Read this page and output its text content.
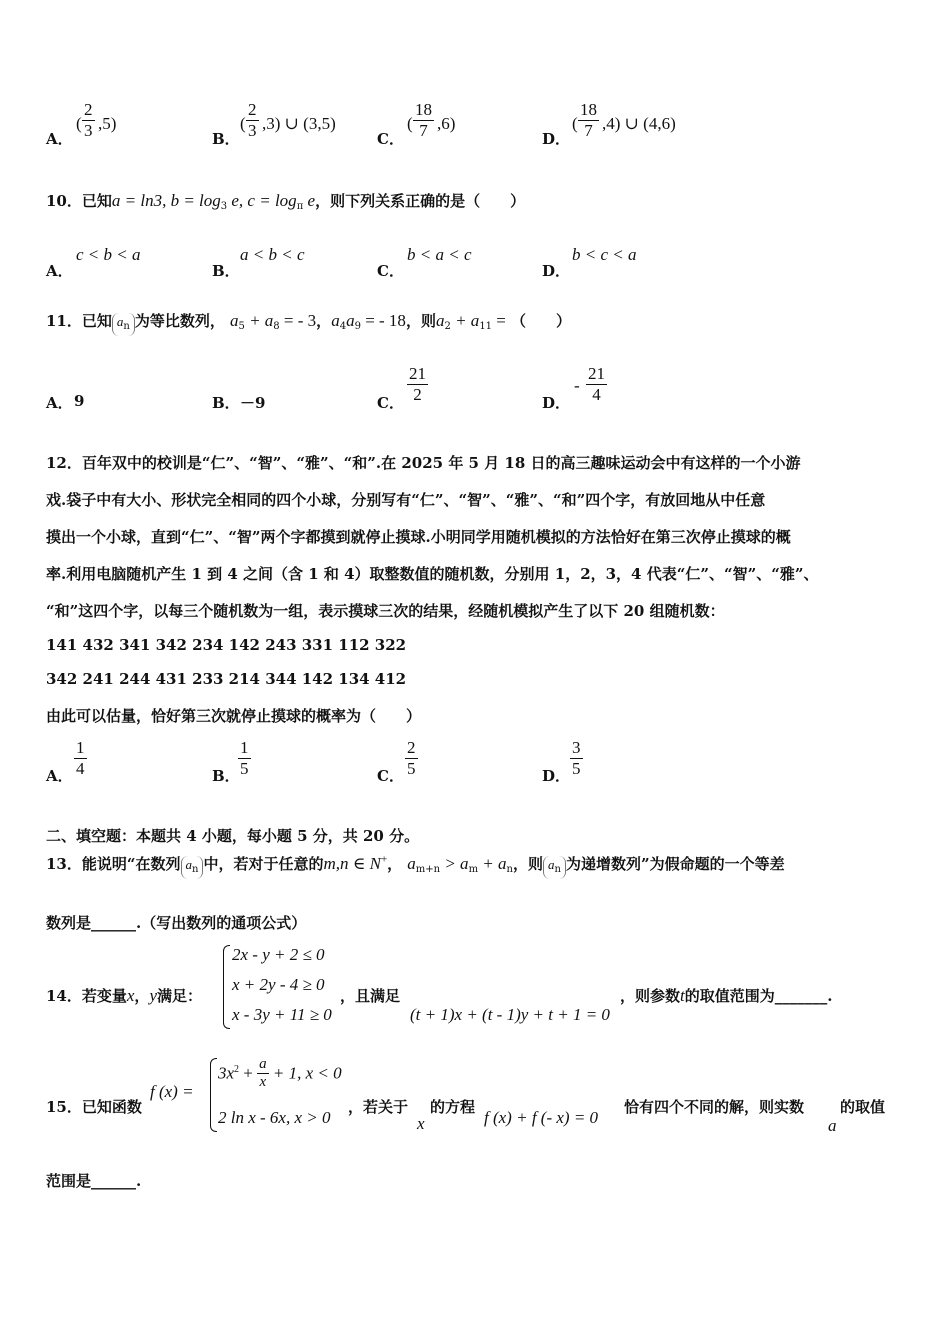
A．
( $\frac{2}{3} ,5$)
B．
( $\frac{2}{3} ,3$) ∪ (3,5)
C．
( $\frac{18}{7} ,6$)
D．
( $\frac{18}{7} ,4$) ∪ (4,6)
10．已知a = ln3, $b = \log_3 e$, $c = \log_\pi e$，则下列关系正确的是（　　）
A．
c < b < a
B．
a < b < c
C．
b < a < c
D．
b < c < a
11．已知 $a_n$ 为等比数列， $a_5 + a_8$ = - 3，$a_4a_9$ = - 18，则$a_2 + a_{11}$ = （　　）
A． 9	B． －9	C． $\frac{21}{2}$	D．
- $\frac{21}{4}$
12．百年双中的校训是“仁”、“智”、“雅”、“和”.在 2025 年 5 月 18 日的高三趣味运动会中有这样的一个小游
戏.袋子中有大小、形状完全相同的四个小球，分别写有“仁”、“智”、“雅”、“和”四个字，有放回地从中任意
摸出一个小球，直到“仁”、“智”两个字都摸到就停止摸球.小明同学用随机模拟的方法恰好在第三次停止摸球的概
率.利用电脑随机产生 1 到 4 之间（含 1 和 4）取整数值的随机数，分别用 1，2，3，4 代表“仁”、“智”、“雅”、
“和”这四个字，以每三个随机数为一组，表示摸球三次的结果，经随机模拟产生了以下 20 组随机数：
141 432 341 342 234 142 243 331 112 322
342 241 244 431 233 214 344 142 134 412
由此可以估量，恰好第三次就停止摸球的概率为（　　）
A． $\frac{1}{4}$	B．
$\frac{1}{5}$	C． $\frac{2}{5}$	D． $\frac{3}{5}$
二、填空题：本题共 4 小题，每小题 5 分，共 20 分。
13．能说明“在数列 $a_n$ 中，若对于任意的m,n ∈ N+， $a_{m+n} > a_m + a_n$，则 $a_n$ 为递增数列”为假命题的一个等差
数列是______.（写出数列的通项公式）
14．若变量x，y满足：
2x - y + 2 ≤ 0
x + 2y - 4 ≥ 0
x - 3y + 11 ≥ 0
，且满足
(t + 1)x + (t - 1)y + t + 1 = 0
，则参数t的取值范围为_______.
15．已知函数
f (x) =
$3x^2 + \frac{a}{x} + 1$, x < 0
2 ln x - 6x, x > 0
，若关于
x
的方程
f (x) + f (- x) = 0
恰有四个不同的解，则实数
a
的取值
范围是______.
